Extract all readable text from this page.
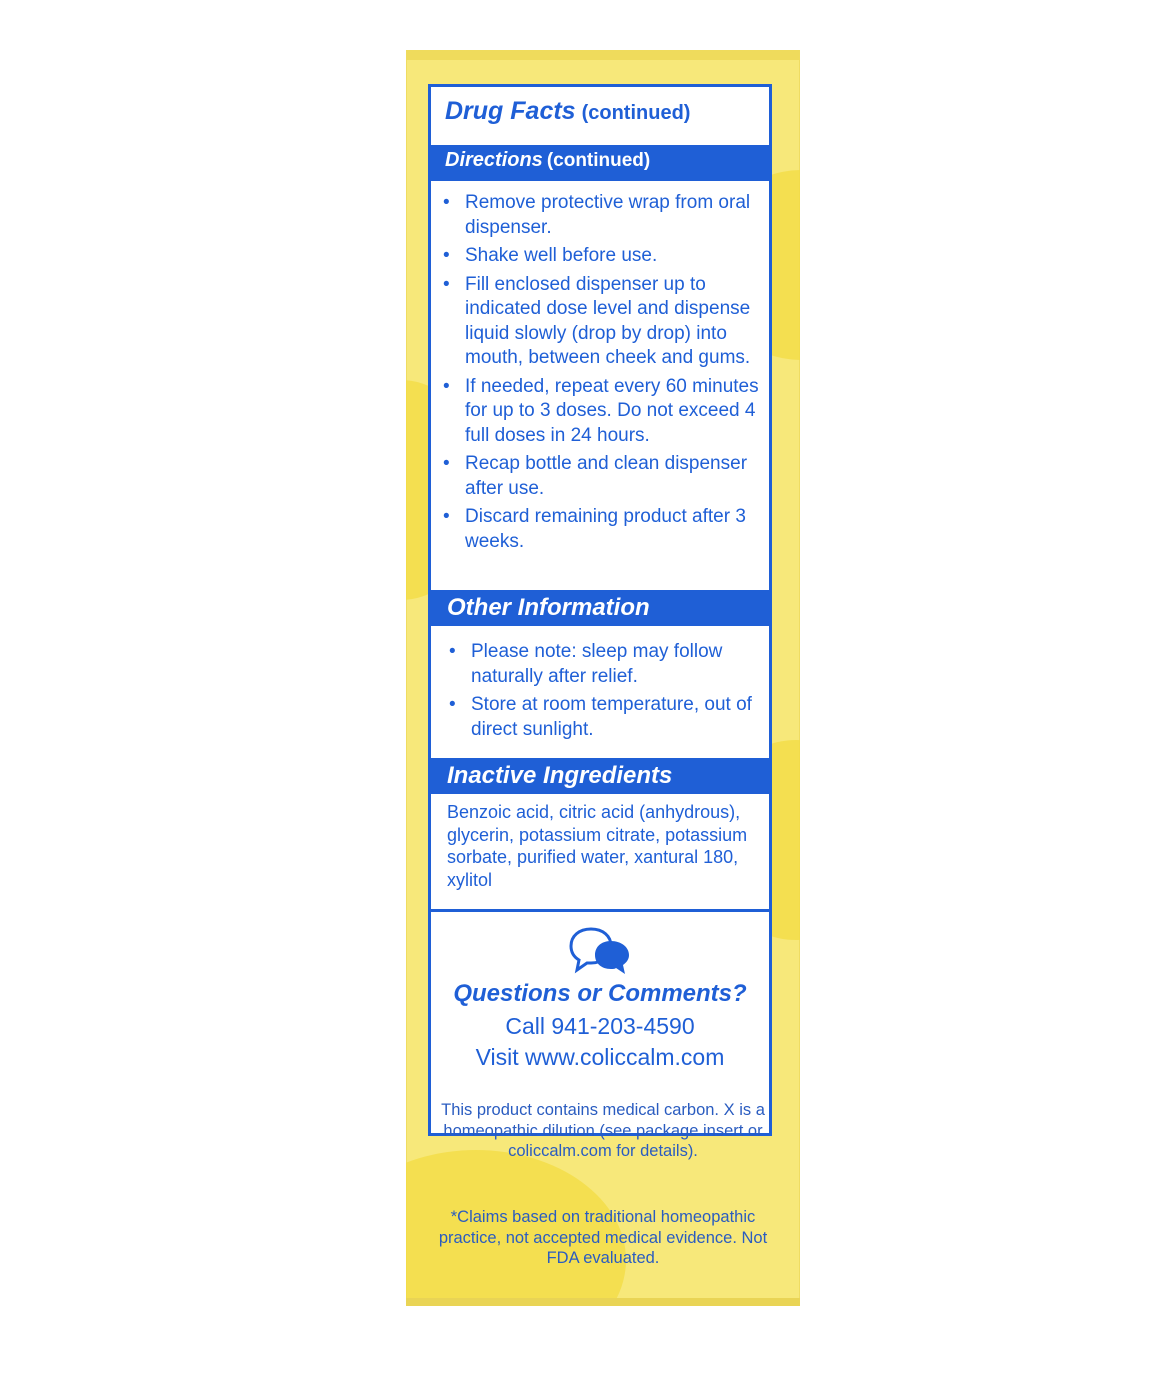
Drug Facts (continued)
Directions (continued)
• Remove protective wrap from oral dispenser.
• Shake well before use.
• Fill enclosed dispenser up to indicated dose level and dispense liquid slowly (drop by drop) into mouth, between cheek and gums.
• If needed, repeat every 60 minutes for up to 3 doses. Do not exceed 4 full doses in 24 hours.
• Recap bottle and clean dispenser after use.
• Discard remaining product after 3 weeks.
Other Information
• Please note: sleep may follow naturally after relief.
• Store at room temperature, out of direct sunlight.
Inactive Ingredients
Benzoic acid, citric acid (anhydrous), glycerin, potassium citrate, potassium sorbate, purified water, xantural 180, xylitol
Questions or Comments?
Call 941-203-4590
Visit www.coliccalm.com
This product contains medical carbon. X is a homeopathic dilution (see package insert or coliccalm.com for details).
*Claims based on traditional homeopathic practice, not accepted medical evidence. Not FDA evaluated.
